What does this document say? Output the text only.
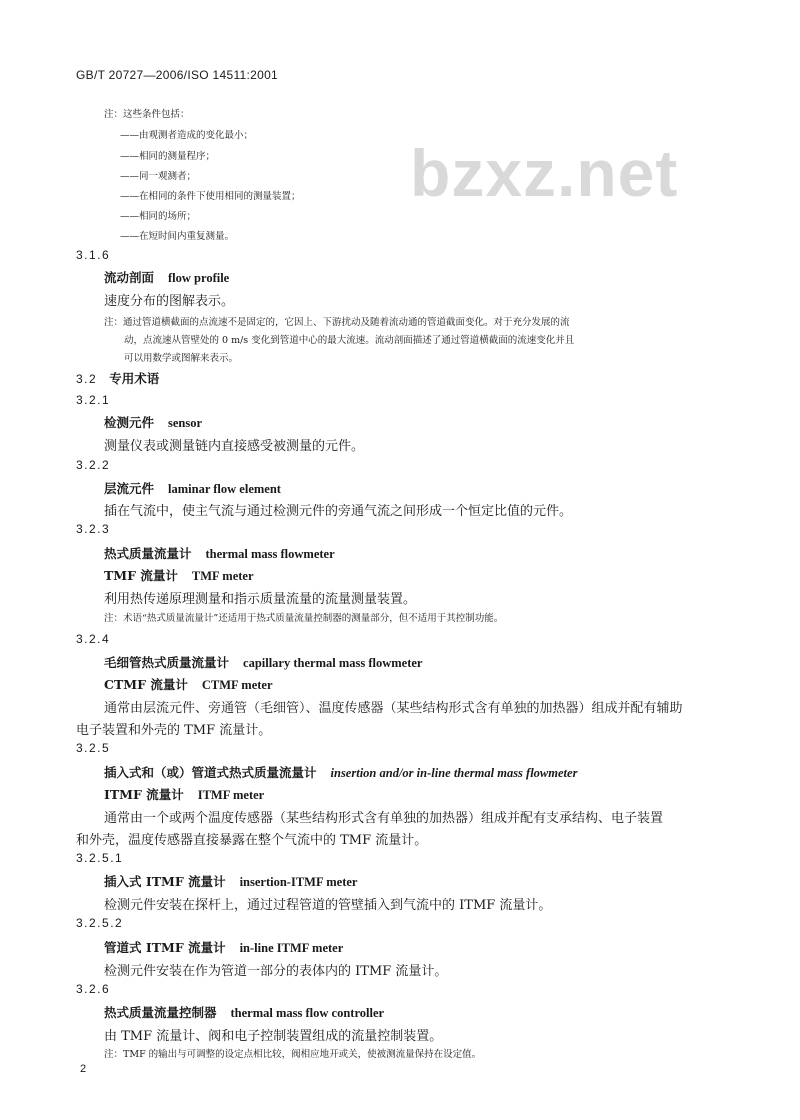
GB/T 20727—2006/ISO 14511:2001
bzxz.net
注：这些条件包括：
——由观测者造成的变化最小；
——相同的测量程序；
——同一观测者；
——在相同的条件下使用相同的测量装置；
——相同的场所；
——在短时间内重复测量。
3.1.6
流动剖面 flow profile
速度分布的图解表示。
注：通过管道横截面的点流速不是固定的，它因上、下游扰动及随着流动通的管道截面变化。对于充分发展的流
动，点流速从管壁处的 0 m/s 变化到管道中心的最大流速。流动剖面描述了通过管道横截面的流速变化并且
可以用数学或图解来表示。
3.2 专用术语
3.2.1
检测元件 sensor
测量仪表或测量链内直接感受被测量的元件。
3.2.2
层流元件 laminar flow element
插在气流中，使主气流与通过检测元件的旁通气流之间形成一个恒定比值的元件。
3.2.3
热式质量流量计 thermal mass flowmeter
TMF 流量计 TMF meter
利用热传递原理测量和指示质量流量的流量测量装置。
注：术语“热式质量流量计”还适用于热式质量流量控制器的测量部分，但不适用于其控制功能。
3.2.4
毛细管热式质量流量计 capillary thermal mass flowmeter
CTMF 流量计 CTMF meter
通常由层流元件、旁通管（毛细管）、温度传感器（某些结构形式含有单独的加热器）组成并配有辅助
电子装置和外壳的 TMF 流量计。
3.2.5
插入式和（或）管道式热式质量流量计 insertion and/or in-line thermal mass flowmeter
ITMF 流量计 ITMF meter
通常由一个或两个温度传感器（某些结构形式含有单独的加热器）组成并配有支承结构、电子装置
和外壳，温度传感器直接暴露在整个气流中的 TMF 流量计。
3.2.5.1
插入式 ITMF 流量计 insertion-ITMF meter
检测元件安装在探杆上，通过过程管道的管壁插入到气流中的 ITMF 流量计。
3.2.5.2
管道式 ITMF 流量计 in-line ITMF meter
检测元件安装在作为管道一部分的表体内的 ITMF 流量计。
3.2.6
热式质量流量控制器 thermal mass flow controller
由 TMF 流量计、阀和电子控制装置组成的流量控制装置。
注：TMF 的输出与可调整的设定点相比较，阀相应地开或关，使被测流量保持在设定值。
2
